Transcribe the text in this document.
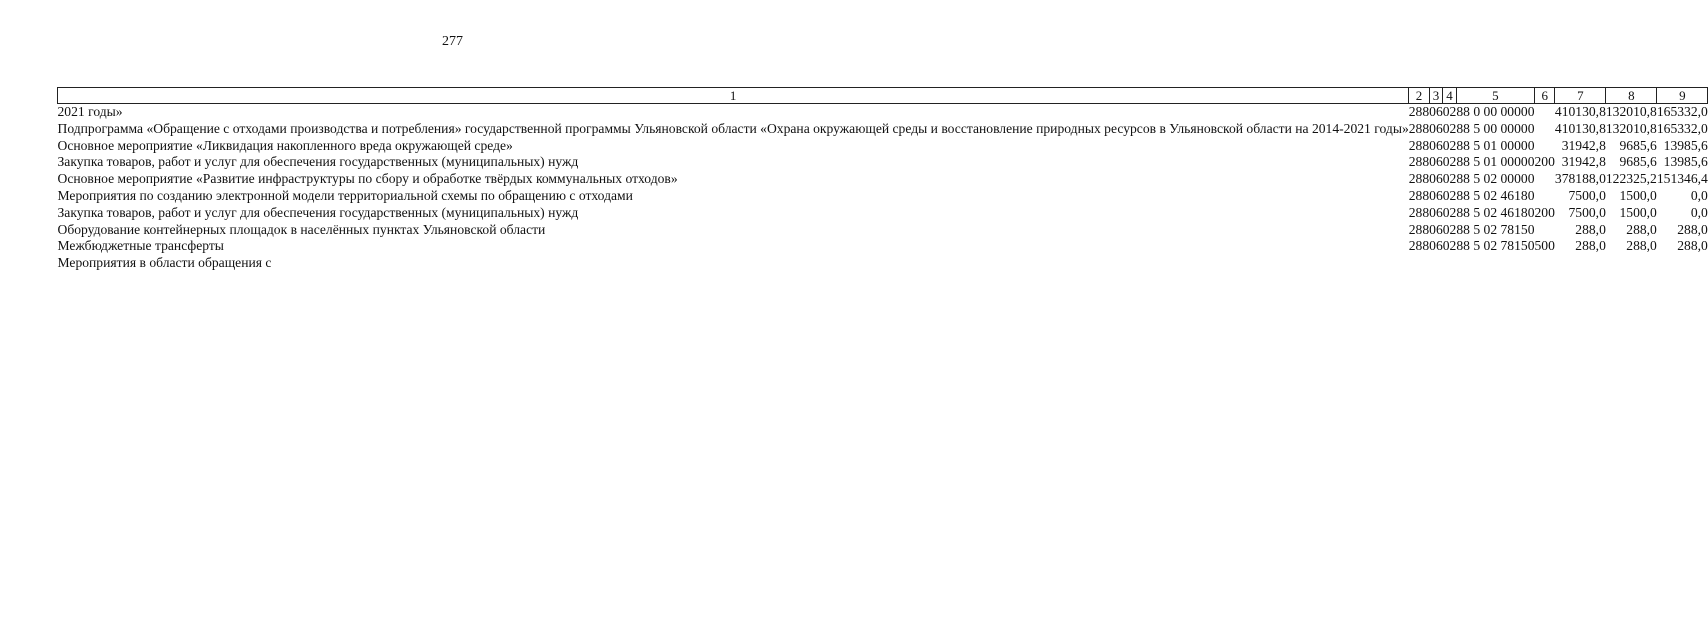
277
1	2	3	4	5	6	7	8	9
2021 годы»	288	06	02	88 0 00 00000		410130,8	132010,8	165332,0
Подпрограмма «Обращение с отходами производства и потребления» государственной программы Ульяновской области «Охрана окружающей среды и восстановление природных ресурсов в Ульяновской области на 2014-2021 годы»	288	06	02	88 5 00 00000		410130,8	132010,8	165332,0
Основное мероприятие «Ликвидация накопленного вреда окружающей среде»	288	06	02	88 5 01 00000		31942,8	9685,6	13985,6
Закупка товаров, работ и услуг для обеспечения государственных (муниципальных) нужд	288	06	02	88 5 01 00000	200	31942,8	9685,6	13985,6
Основное мероприятие «Развитие инфраструктуры по сбору и обработке твёрдых коммунальных отходов»	288	06	02	88 5 02 00000		378188,0	122325,2	151346,4
Мероприятия по созданию электронной модели территориальной схемы по обращению с отходами	288	06	02	88 5 02 46180		7500,0	1500,0	0,0
Закупка товаров, работ и услуг для обеспечения государственных (муниципальных) нужд	288	06	02	88 5 02 46180	200	7500,0	1500,0	0,0
Оборудование контейнерных площадок в населённых пунктах Ульяновской области	288	06	02	88 5 02 78150		288,0	288,0	288,0
Межбюджетные трансферты	288	06	02	88 5 02 78150	500	288,0	288,0	288,0
Мероприятия в области обращения с								
